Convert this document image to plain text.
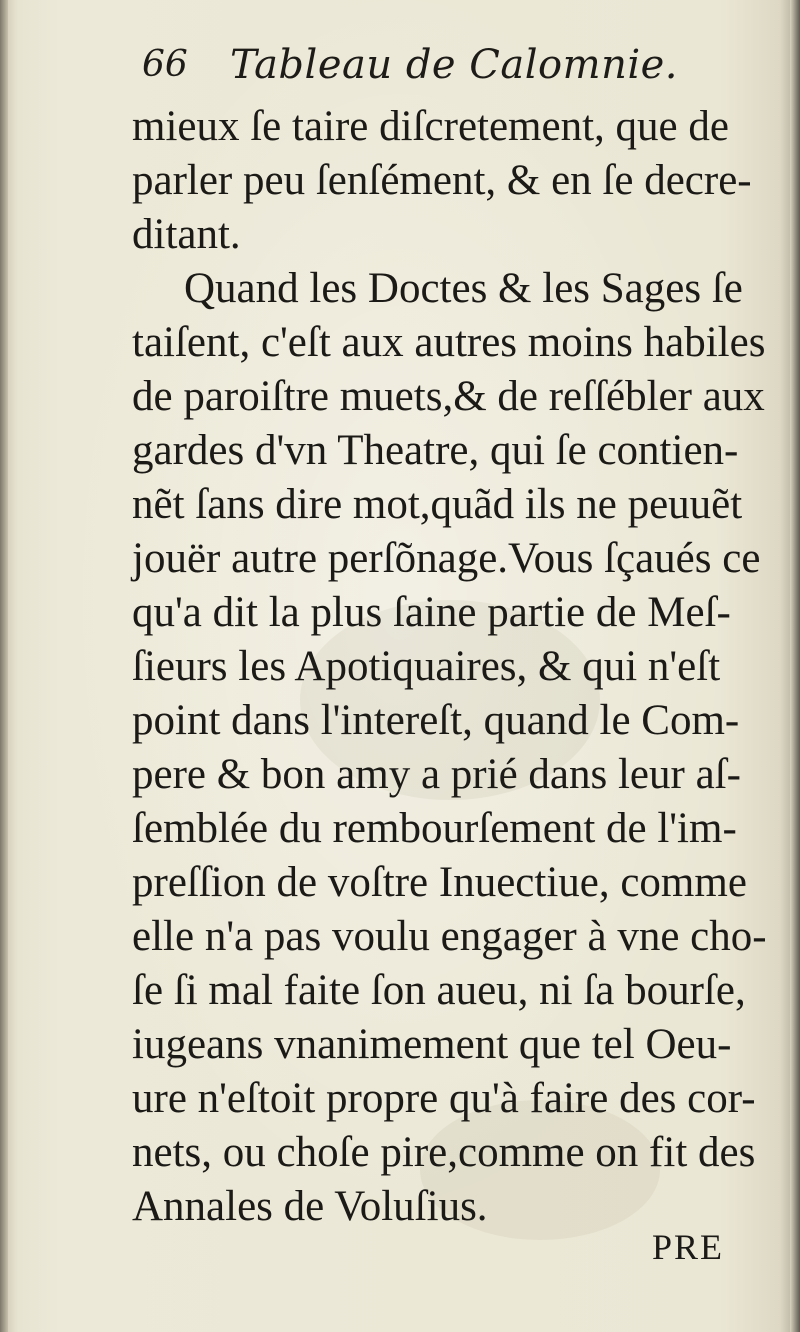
66 Tableau de Calomnie.
mieux ſe taire diſcretement, que de
parler peu ſenſément, & en ſe decre-
ditant.
Quand les Doctes & les Sages ſe
taiſent, c'eſt aux autres moins habiles
de paroiſtre muets,& de reſſébler aux
gardes d'vn Theatre, qui ſe contien-
nẽt ſans dire mot,quãd ils ne peuuẽt
jouër autre perſõnage.Vous ſçaués ce
qu'a dit la plus ſaine partie de Meſ-
ſieurs les Apotiquaires, & qui n'eſt
point dans l'intereſt, quand le Com-
pere & bon amy a prié dans leur aſ-
ſemblée du rembourſement de l'im-
preſſion de voſtre Inuectiue, comme
elle n'a pas voulu engager à vne cho-
ſe ſi mal faite ſon aueu, ni ſa bourſe,
iugeans vnanimement que tel Oeu-
ure n'eſtoit propre qu'à faire des cor-
nets, ou choſe pire,comme on fit des
Annales de Voluſius.
PRE
